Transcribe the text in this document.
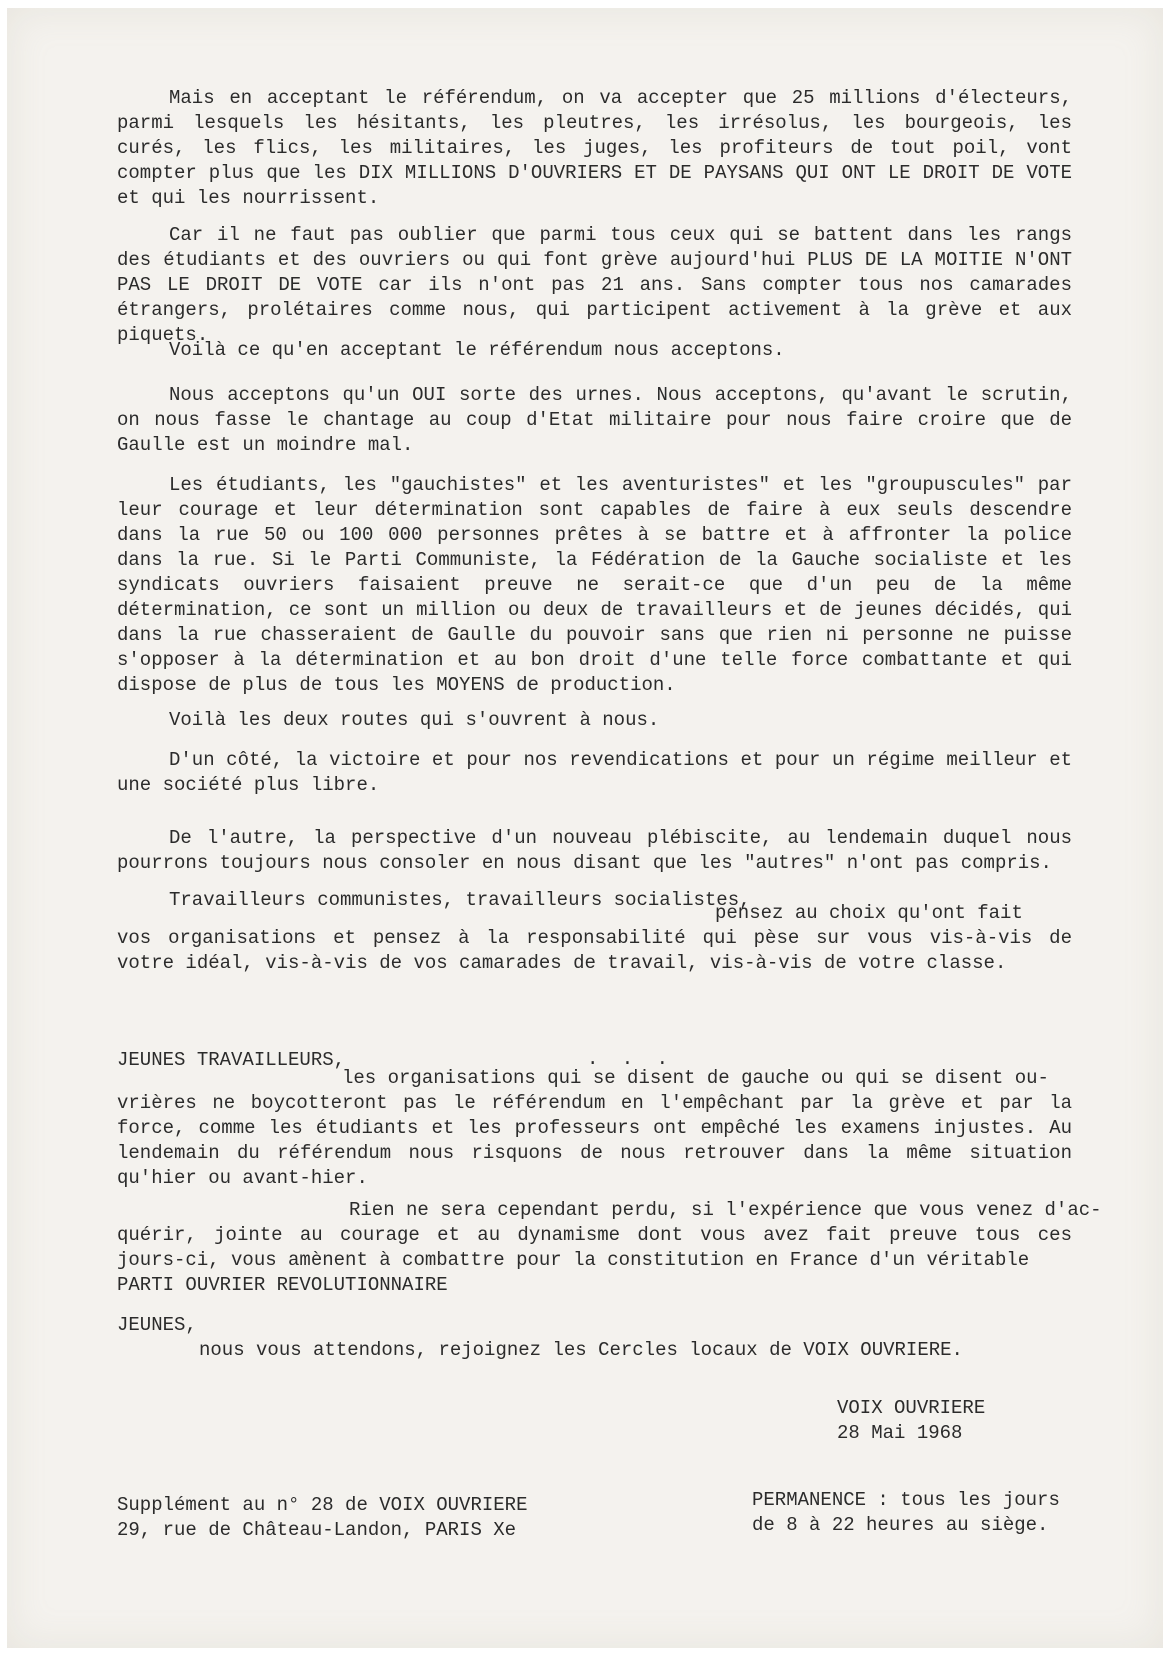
Mais en acceptant le référendum, on va accepter que 25 millions d'électeurs, parmi lesquels les hésitants, les pleutres, les irrésolus, les bourgeois, les curés, les flics, les militaires, les juges, les profiteurs de tout poil, vont compter plus que les DIX MILLIONS D'OUVRIERS ET DE PAYSANS QUI ONT LE DROIT DE VOTE et qui les nourrissent.

Car il ne faut pas oublier que parmi tous ceux qui se battent dans les rangs des étudiants et des ouvriers ou qui font grève aujourd'hui PLUS DE LA MOITIE N'ONT PAS LE DROIT DE VOTE car ils n'ont pas 21 ans. Sans compter tous nos camarades étrangers, prolétaires comme nous, qui participent activement à la grève et aux piquets.

Voilà ce qu'en acceptant le référendum nous acceptons.

Nous acceptons qu'un OUI sorte des urnes. Nous acceptons, qu'avant le scrutin, on nous fasse le chantage au coup d'Etat militaire pour nous faire croire que de Gaulle est un moindre mal.

Les étudiants, les "gauchistes" et les aventuristes" et les "groupuscules" par leur courage et leur détermination sont capables de faire à eux seuls descendre dans la rue 50 ou 100 000 personnes prêtes à se battre et à affronter la police dans la rue. Si le Parti Communiste, la Fédération de la Gauche socialiste et les syndicats ouvriers faisaient preuve ne serait-ce que d'un peu de la même détermination, ce sont un million ou deux de travailleurs et de jeunes décidés, qui dans la rue chasseraient de Gaulle du pouvoir sans que rien ni personne ne puisse s'opposer à la détermination et au bon droit d'une telle force combattante et qui dispose de plus de tous les MOYENS de production.

Voilà les deux routes qui s'ouvrent à nous.

D'un côté, la victoire et pour nos revendications et pour un régime meilleur et une société plus libre.

De l'autre, la perspective d'un nouveau plébiscite, au lendemain duquel nous pourrons toujours nous consoler en nous disant que les "autres" n'ont pas compris.

Travailleurs communistes, travailleurs socialistes,
pensez au choix qu'ont fait

vos organisations et pensez à la responsabilité qui pèse sur vous vis-à-vis de votre idéal, vis-à-vis de vos camarades de travail, vis-à-vis de votre classe.

. . .
JEUNES TRAVAILLEURS,
les organisations qui se disent de gauche ou qui se disent ou-

vrières ne boycotteront pas le référendum en l'empêchant par la grève et par la force, comme les étudiants et les professeurs ont empêché les examens injustes. Au lendemain du référendum nous risquons de nous retrouver dans la même situation qu'hier ou avant-hier.

Rien ne sera cependant perdu, si l'expérience que vous venez d'ac-

quérir, jointe au courage et au dynamisme dont vous avez fait preuve tous ces jours-ci, vous amènent à combattre pour la constitution en France d'un véritable

PARTI OUVRIER REVOLUTIONNAIRE
JEUNES,
nous vous attendons, rejoignez les Cercles locaux de VOIX OUVRIERE.
VOIX OUVRIERE
28 Mai 1968
Supplément au n° 28 de VOIX OUVRIERE
29, rue de Château-Landon, PARIS Xe
PERMANENCE : tous les jours
de 8 à 22 heures au siège.
